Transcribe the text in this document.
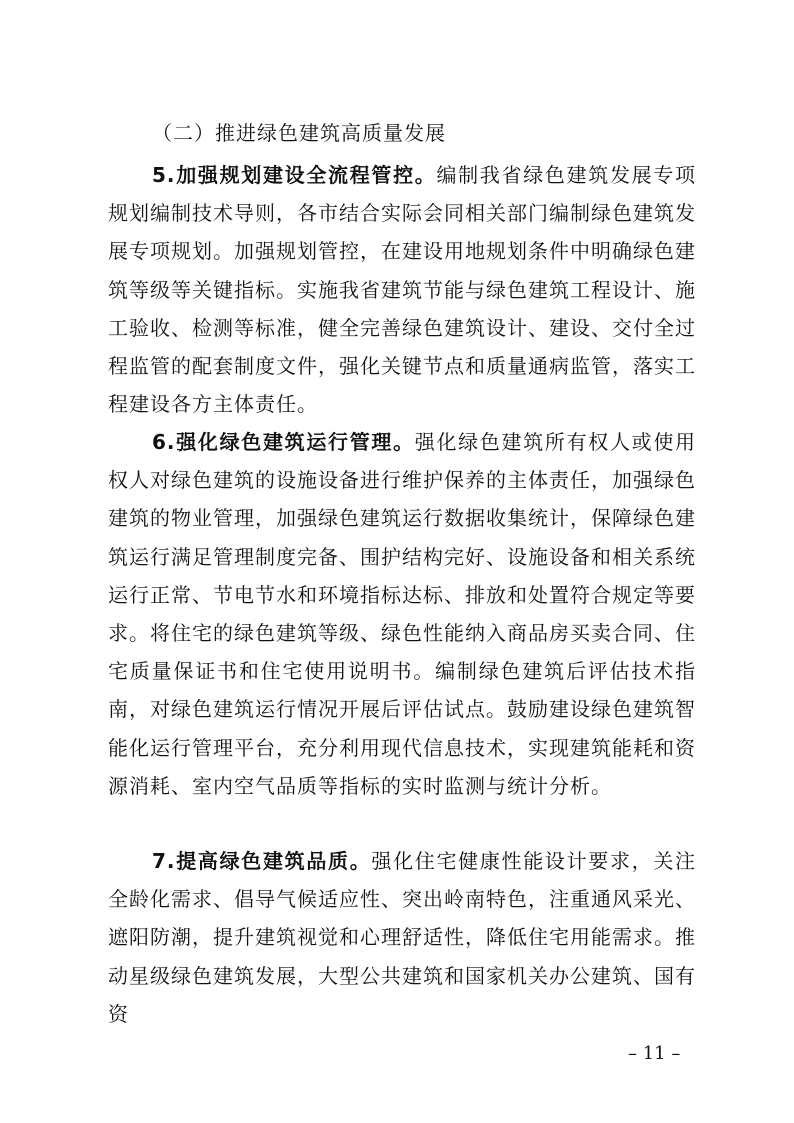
（二）推进绿色建筑高质量发展

5.加强规划建设全流程管控。编制我省绿色建筑发展专项规划编制技术导则，各市结合实际会同相关部门编制绿色建筑发展专项规划。加强规划管控，在建设用地规划条件中明确绿色建筑等级等关键指标。实施我省建筑节能与绿色建筑工程设计、施工验收、检测等标准，健全完善绿色建筑设计、建设、交付全过程监管的配套制度文件，强化关键节点和质量通病监管，落实工程建设各方主体责任。

6.强化绿色建筑运行管理。强化绿色建筑所有权人或使用权人对绿色建筑的设施设备进行维护保养的主体责任，加强绿色建筑的物业管理，加强绿色建筑运行数据收集统计，保障绿色建筑运行满足管理制度完备、围护结构完好、设施设备和相关系统运行正常、节电节水和环境指标达标、排放和处置符合规定等要求。将住宅的绿色建筑等级、绿色性能纳入商品房买卖合同、住宅质量保证书和住宅使用说明书。编制绿色建筑后评估技术指南，对绿色建筑运行情况开展后评估试点。鼓励建设绿色建筑智能化运行管理平台，充分利用现代信息技术，实现建筑能耗和资源消耗、室内空气品质等指标的实时监测与统计分析。

7.提高绿色建筑品质。强化住宅健康性能设计要求，关注全龄化需求、倡导气候适应性、突出岭南特色，注重通风采光、遮阳防潮，提升建筑视觉和心理舒适性，降低住宅用能需求。推动星级绿色建筑发展，大型公共建筑和国家机关办公建筑、国有资

– 11 –
